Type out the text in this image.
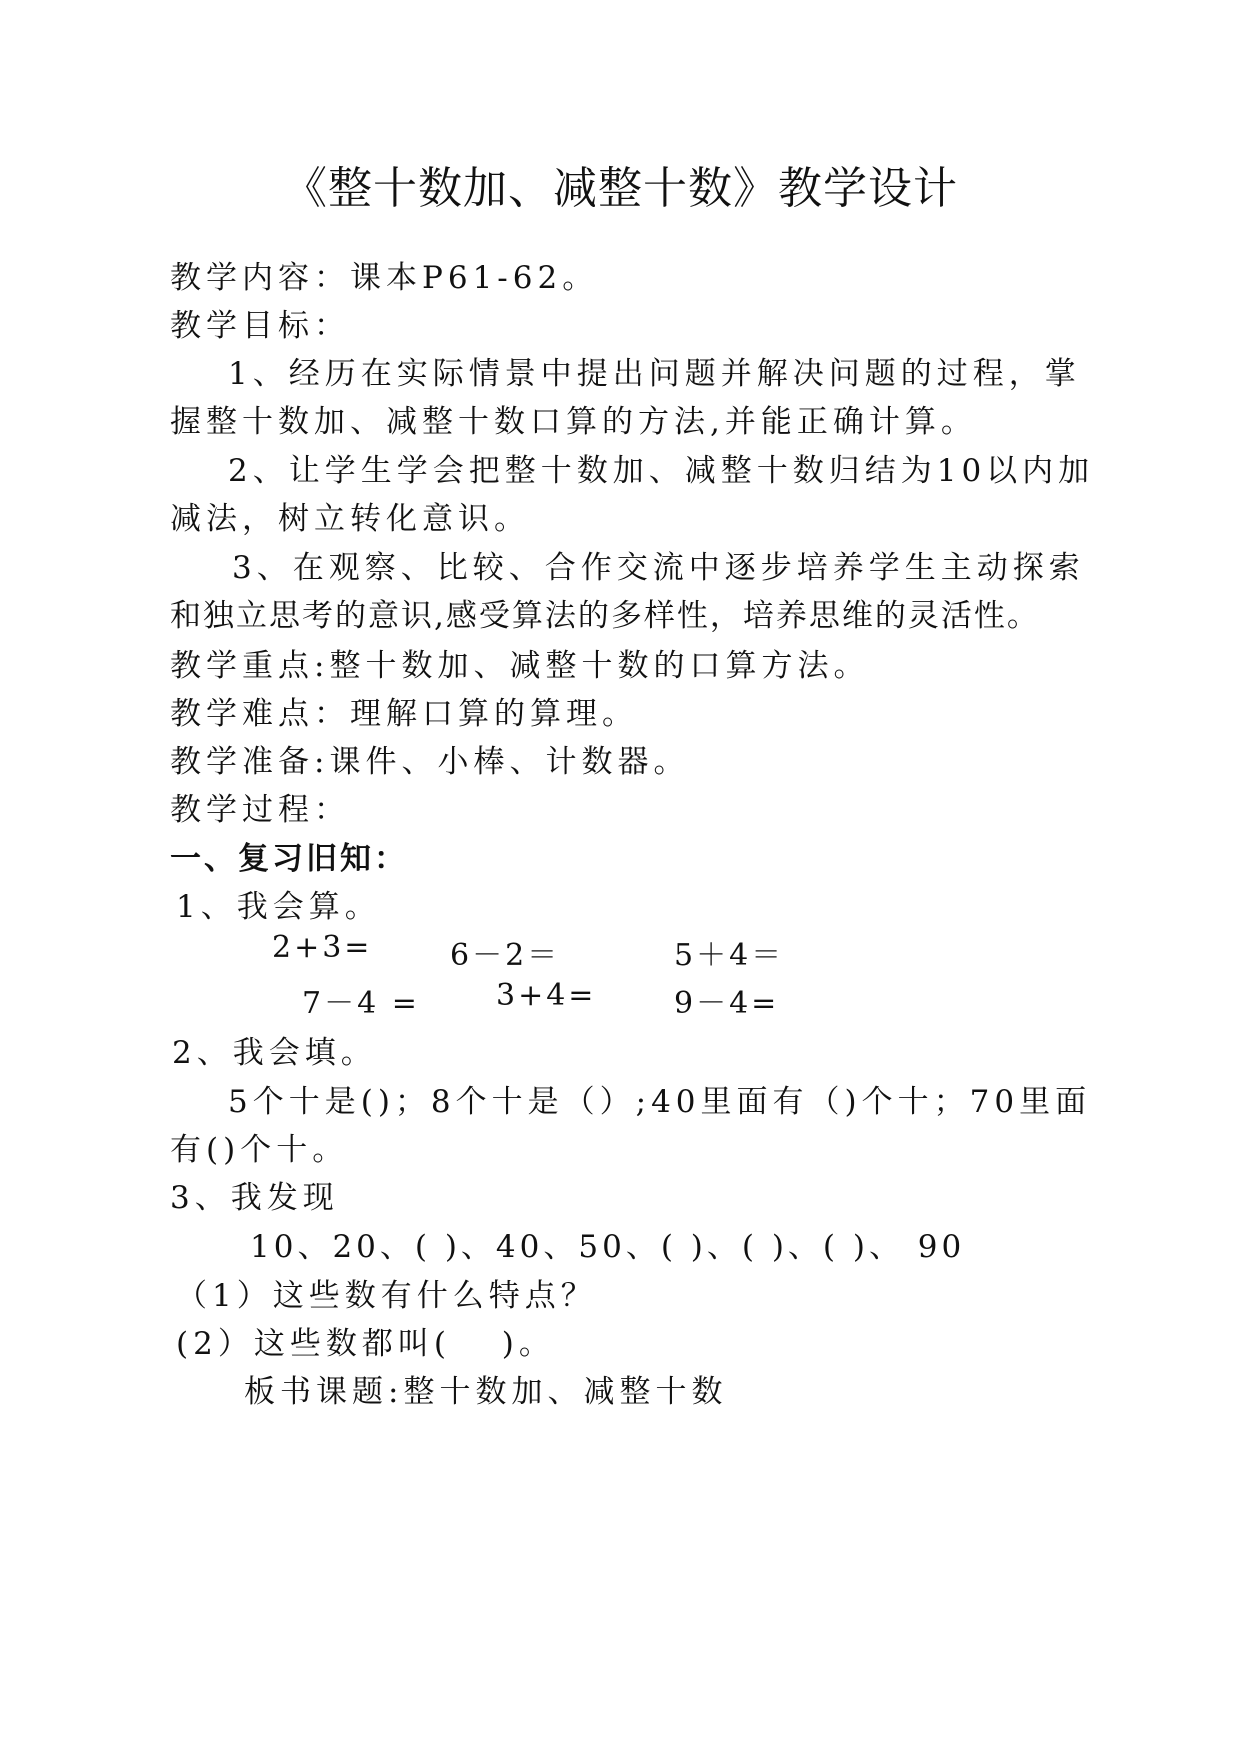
《整十数加、减整十数》教学设计
教学内容：课本P61-62。
教学目标：
1、经历在实际情景中提出问题并解决问题的过程，掌
握整十数加、减整十数口算的方法,并能正确计算。
2、让学生学会把整十数加、减整十数归结为10以内加
减法，树立转化意识。
3、在观察、比较、合作交流中逐步培养学生主动探索
和独立思考的意识,感受算法的多样性，培养思维的灵活性。
教学重点:整十数加、减整十数的口算方法。
教学难点：理解口算的算理。
教学准备:课件、小棒、计数器。
教学过程：
一、复习旧知：
1、我会算。
2+3=	6－2＝	5＋4＝
7－4 =	3+4=	9－4=
2、我会填。
5个十是()；8个十是（）;40里面有（)个十；70里面
有()个十。
3、我发现
10、20、( )、40、50、( )、( )、( )、 90
（1）这些数有什么特点？
(2）这些数都叫(　 )。
板书课题:整十数加、减整十数
